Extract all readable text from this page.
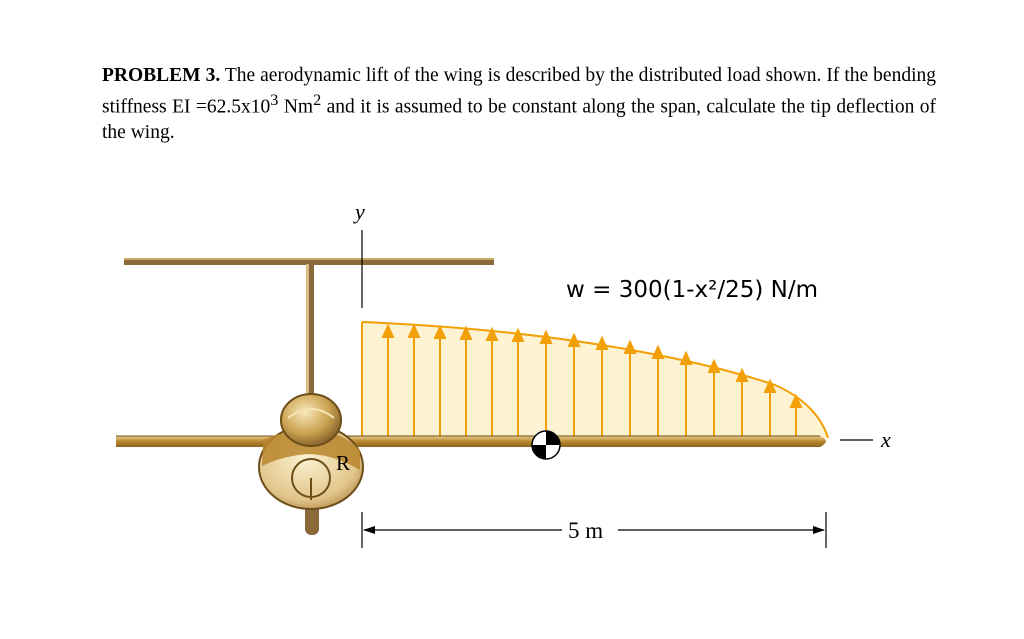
PROBLEM 3. The aerodynamic lift of the wing is described by the distributed load shown. If the bending stiffness EI $=62.5x10^3$ Nm$^2$ and it is assumed to be constant along the span, calculate the tip deflection of the wing.

y
w = 300(1-x²/25) N/m
R
x
5 m
